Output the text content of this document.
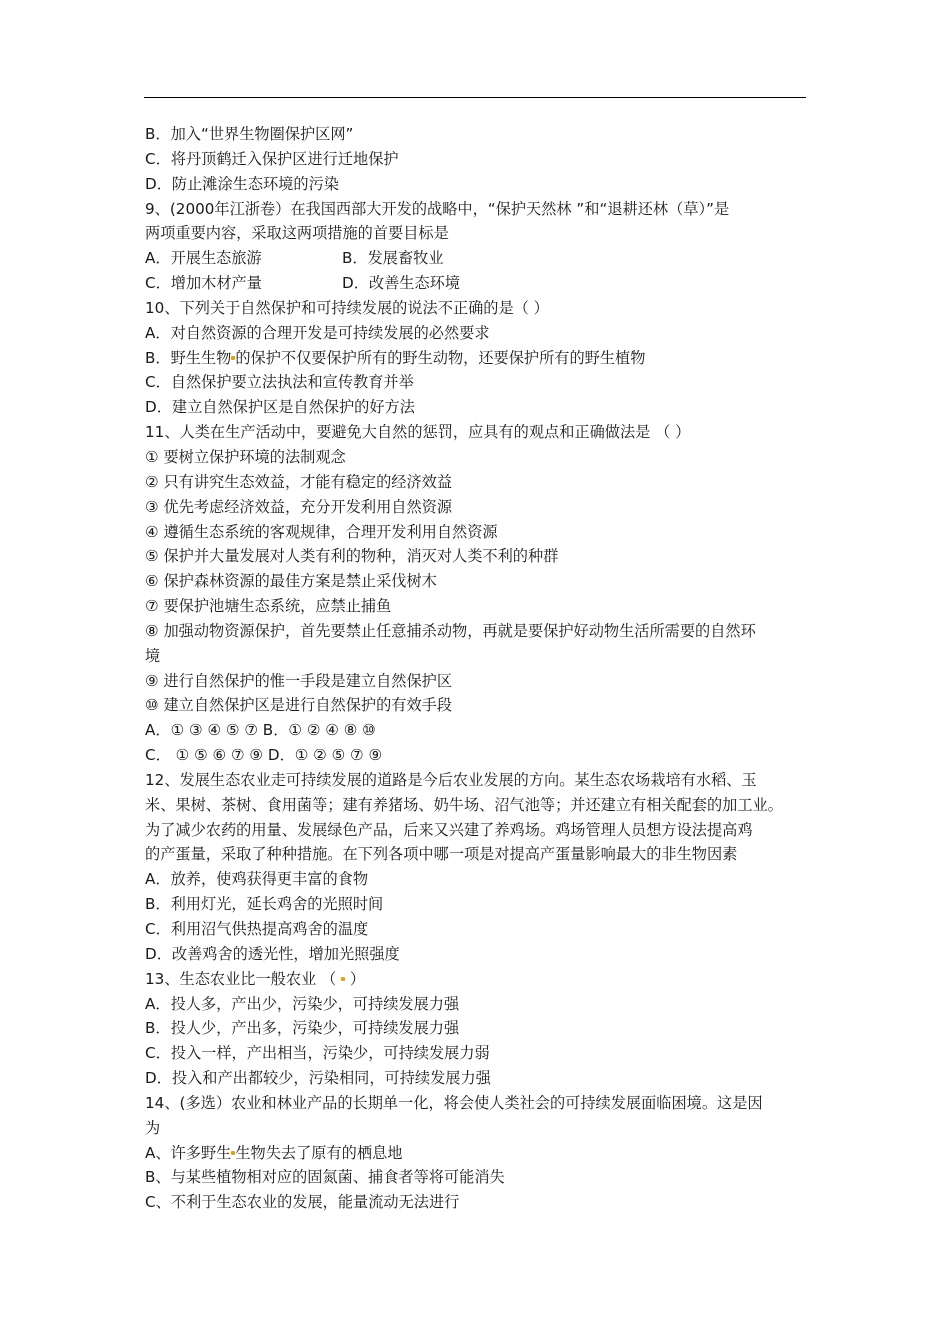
B．加入“世界生物圈保护区网”
C．将丹顶鹤迁入保护区进行迁地保护
D．防止滩涂生态环境的污染
9、(2000年江浙卷）在我国西部大开发的战略中，“保护天然林 ”和“退耕还林（草）”是
两项重要内容，采取这两项措施的首要目标是
A．开展生态旅游	B．发展畜牧业
C．增加木材产量	D．改善生态环境
10、下列关于自然保护和可持续发展的说法不正确的是（ ）
A．对自然资源的合理开发是可持续发展的必然要求
B．野生生物 的保护不仅要保护所有的野生动物，还要保护所有的野生植物
C．自然保护要立法执法和宣传教育并举
D．建立自然保护区是自然保护的好方法
11、人类在生产活动中，要避免大自然的惩罚，应具有的观点和正确做法是 （ ）
① 要树立保护环境的法制观念
② 只有讲究生态效益，才能有稳定的经济效益
③ 优先考虑经济效益，充分开发利用自然资源
④ 遵循生态系统的客观规律，合理开发利用自然资源
⑤ 保护并大量发展对人类有利的物种，消灭对人类不利的种群
⑥ 保护森林资源的最佳方案是禁止采伐树木
⑦ 要保护池塘生态系统，应禁止捕鱼
⑧ 加强动物资源保护，首先要禁止任意捕杀动物，再就是要保护好动物生活所需要的自然环
境
⑨ 进行自然保护的惟一手段是建立自然保护区
⑩ 建立自然保护区是进行自然保护的有效手段
A．① ③ ④ ⑤ ⑦ B．① ② ④ ⑧ ⑩
C． ① ⑤ ⑥ ⑦ ⑨ D．① ② ⑤ ⑦ ⑨
12、发展生态农业走可持续发展的道路是今后农业发展的方向。某生态农场栽培有水稻、玉
米、果树、茶树、食用菌等；建有养猪场、奶牛场、沼气池等；并还建立有相关配套的加工业。
为了减少农药的用量、发展绿色产品，后来又兴建了养鸡场。鸡场管理人员想方设法提高鸡
的产蛋量，采取了种种措施。在下列各项中哪一项是对提高产蛋量影响最大的非生物因素
A．放养，使鸡获得更丰富的食物
B．利用灯光，延长鸡舍的光照时间
C．利用沼气供热提高鸡舍的温度
D．改善鸡舍的透光性，增加光照强度
13、生态农业比一般农业 （  ）
A．投人多，产出少，污染少，可持续发展力强
B．投人少，产出多，污染少，可持续发展力强
C．投入一样，产出相当，污染少，可持续发展力弱
D．投入和产出都较少，污染相同，可持续发展力强
14、(多选）农业和林业产品的长期单一化，将会使人类社会的可持续发展面临困境。这是因
为
A、许多野生 生物失去了原有的栖息地
B、与某些植物相对应的固氮菌、捕食者等将可能消失
C、不利于生态农业的发展，能量流动无法进行
